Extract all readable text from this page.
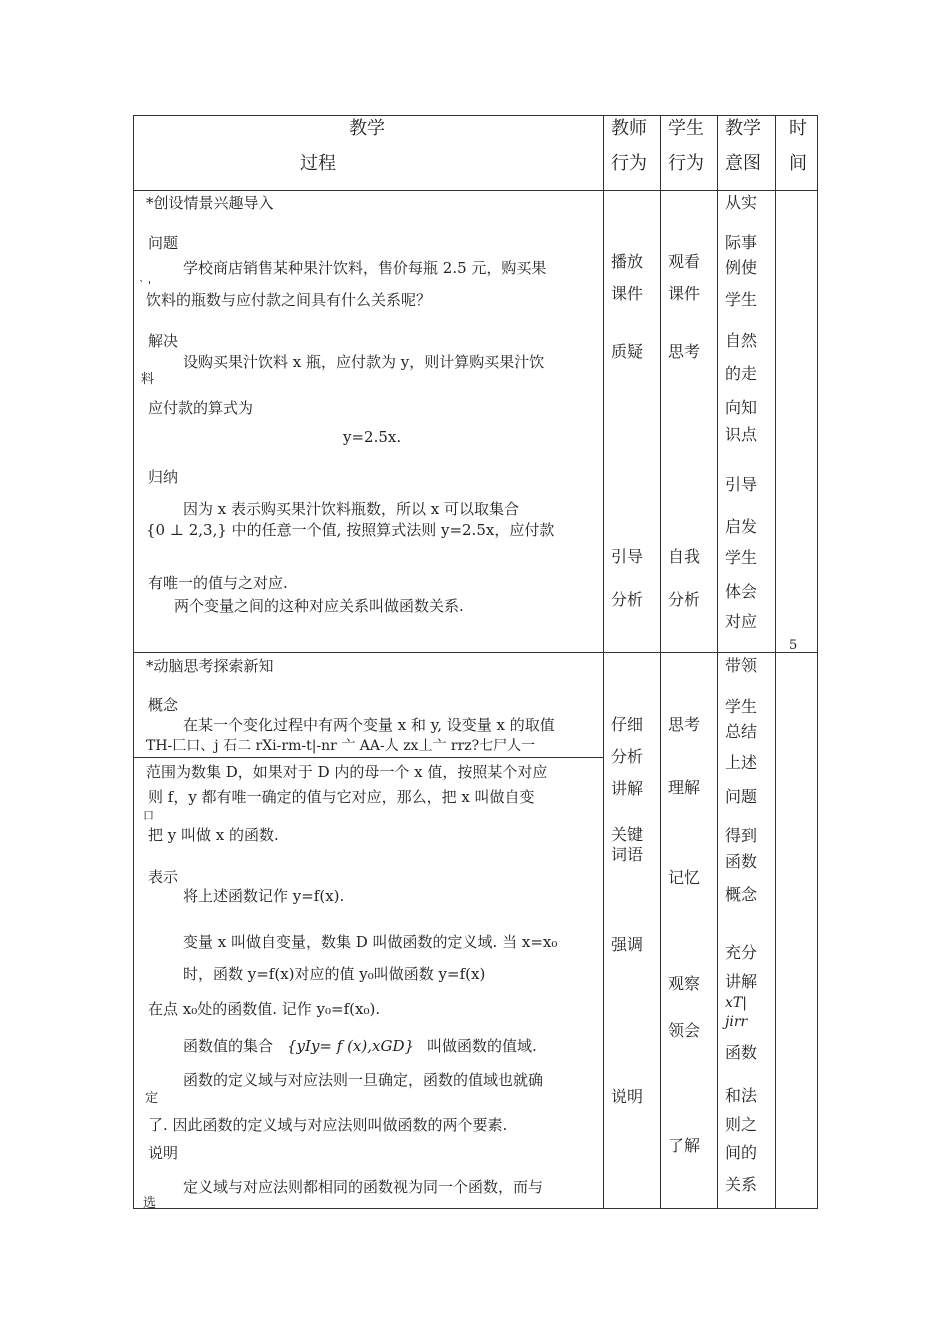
教学
过程
教师
行为
学生
行为
教学
意图
时
间
*创设情景兴趣导入
问题
学校商店销售某种果汁饮料，售价每瓶 2.5 元，购买果
` '
饮料的瓶数与应付款之间具有什么关系呢？
解决
设购买果汁饮料 x 瓶，应付款为 y，则计算购买果汁饮
料
应付款的算式为
y=2.5x.
归纳
因为 x 表示购买果汁饮料瓶数，所以 x 可以取集合
{0 ⊥ 2,3,} 中的任意一个值, 按照算式法则 y=2.5x，应付款
有唯一的值与之对应.
两个变量之间的这种对应关系叫做函数关系.
播放
课件
质疑
引导
分析
观看
课件
思考
自我
分析
从实
际事
例使
学生
自然
的走
向知
识点
引导
启发
学生
体会
对应
5
*动脑思考探索新知
概念
在某一个变化过程中有两个变量 x 和 y, 设变量 x 的取值
TH-匚口、j 石二 rXi-rm-t|-nr 亠 AA-人 zx丄亠 rrz?七尸人一
范围为数集 D，如果对于 D 内的母一个 x 值，按照某个对应
则 f，y 都有唯一确定的值与它对应，那么，把 x 叫做自变
口
把 y 叫做 x 的函数.
表示
将上述函数记作 y=f(x).
变量 x 叫做自变量，数集 D 叫做函数的定义域. 当 x=x₀
时，函数 y=f(x)对应的值 y₀叫做函数 y=f(x)
在点 x₀处的函数值. 记作 y₀=f(x₀).
函数值的集合 {yIy= f (x),xGD} 叫做函数的值域.
函数的定义域与对应法则一旦确定，函数的值域也就确
定
了. 因此函数的定义域与对应法则叫做函数的两个要素.
说明
定义域与对应法则都相同的函数视为同一个函数，而与
选
仔细
分析
讲解
关键
词语
强调
说明
思考
理解
记忆
观察
领会
了解
带领
学生
总结
上述
问题
得到
函数
概念
充分
讲解
xT|
jirr
函数
和法
则之
间的
关系
